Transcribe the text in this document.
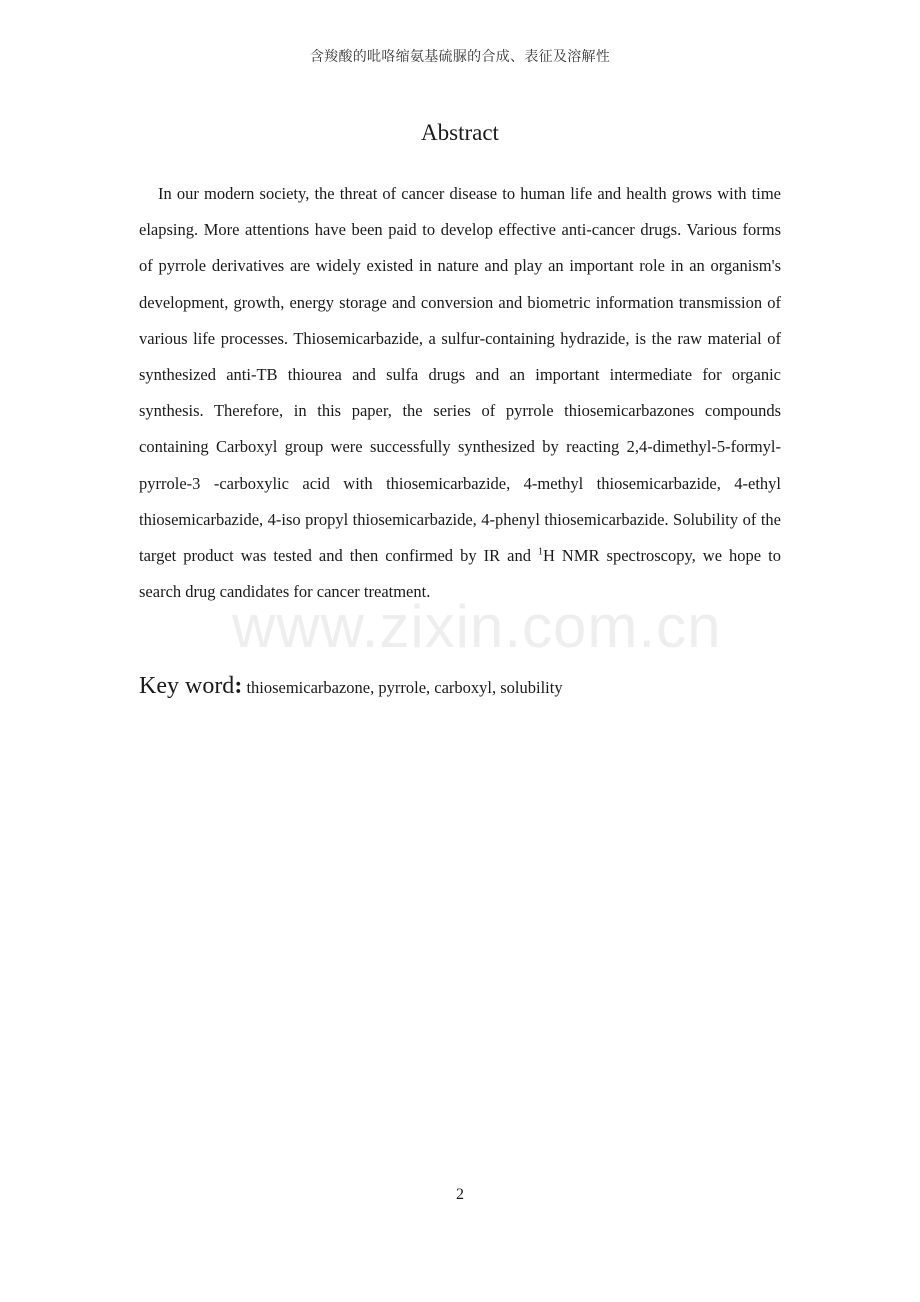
含羧酸的吡咯缩氨基硫脲的合成、表征及溶解性
Abstract

In our modern society, the threat of cancer disease to human life and health grows with time elapsing. More attentions have been paid to develop effective anti-cancer drugs. Various forms of pyrrole derivatives are widely existed in nature and play an important role in an organism's development, growth, energy storage and conversion and biometric information transmission of various life processes. Thiosemicarbazide, a sulfur-containing hydrazide, is the raw material of synthesized anti-TB thiourea and sulfa drugs and an important intermediate for organic synthesis. Therefore, in this paper, the series of pyrrole thiosemicarbazones compounds containing Carboxyl group were successfully synthesized by reacting 2,4-dimethyl-5-formyl-pyrrole-3 -carboxylic acid with thiosemicarbazide, 4-methyl thiosemicarbazide, 4-ethyl thiosemicarbazide, 4-iso propyl thiosemicarbazide, 4-phenyl thiosemicarbazide. Solubility of the target product was tested and then confirmed by IR and $^1$H NMR spectroscopy, we hope to search drug candidates for cancer treatment.

Key word: thiosemicarbazone, pyrrole, carboxyl, solubility

www.zixin.com.cn
2
